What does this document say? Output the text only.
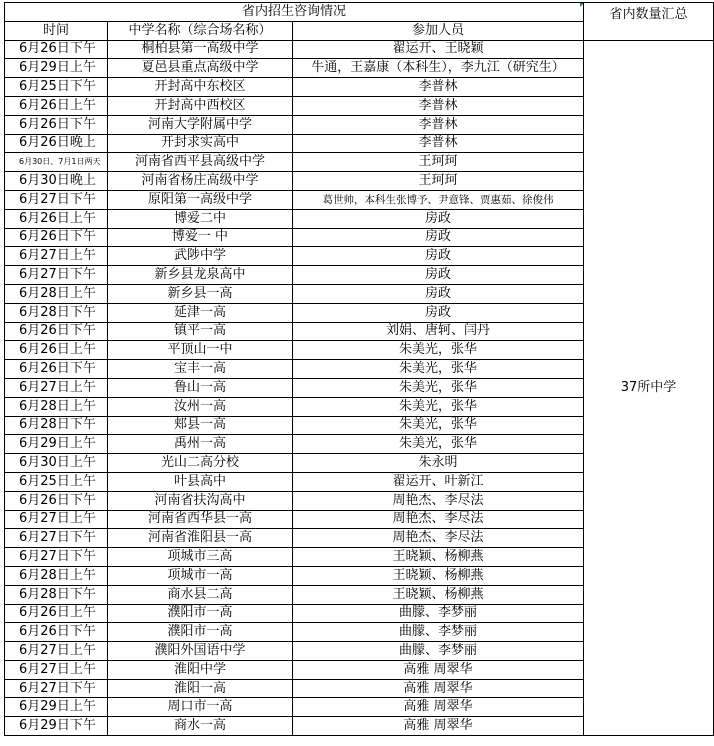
省内招生咨询情况			省内数量汇总
时间	中学名称（综合场名称）	参加人员	
6月26日下午	桐柏县第一高级中学	翟运开、王晓颖	37所中学
6月29日上午	夏邑县重点高级中学	牛通，王嘉康（本科生），李九江（研究生）	
6月25日下午	开封高中东校区	李普林	
6月26日上午	开封高中西校区	李普林	
6月26日下午	河南大学附属中学	李普林	
6月26日晚上	开封求实高中	李普林	
6月30日、7月1日两天	河南省西平县高级中学	王珂珂	
6月30日晚上	河南省杨庄高级中学	王珂珂	
6月27日下午	原阳第一高级中学	葛世帅，本科生张博予、尹意锋、贾惠茹、徐俊伟	
6月26日上午	博爱二中	房政	
6月26日下午	博爱一 中	房政	
6月27日上午	武陟中学	房政	
6月27日下午	新乡县龙泉高中	房政	
6月28日上午	新乡县一高	房政	
6月28日下午	延津一高	房政	
6月26日下午	镇平一高	刘娟、唐轲、闫丹	
6月26日上午	平顶山一中	朱美光，张华	
6月26日下午	宝丰一高	朱美光，张华	
6月27日上午	鲁山一高	朱美光，张华	
6月28日上午	汝州一高	朱美光，张华	
6月28日下午	郏县一高	朱美光，张华	
6月29日上午	禹州一高	朱美光，张华	
6月30日上午	光山二高分校	朱永明	
6月25日上午	叶县高中	翟运开、叶新江	
6月26日下午	河南省扶沟高中	周艳杰、李尽法	
6月27日上午	河南省西华县一高	周艳杰、李尽法	
6月27日下午	河南省淮阳县一高	周艳杰、李尽法	
6月27日下午	项城市三高	王晓颖、杨柳燕	
6月28日上午	项城市一高	王晓颖、杨柳燕	
6月28日下午	商水县二高	王晓颖、杨柳燕	
6月26日上午	濮阳市一高	曲朦、李梦丽	
6月26日下午	濮阳市一高	曲朦、李梦丽	
6月27日上午	濮阳外国语中学	曲朦、李梦丽	
6月27日上午	淮阳中学	高雅 周翠华	
6月27日下午	淮阳一高	高雅 周翠华	
6月29日上午	周口市一高	高雅 周翠华	
6月29日下午	商水一高	高雅 周翠华	
